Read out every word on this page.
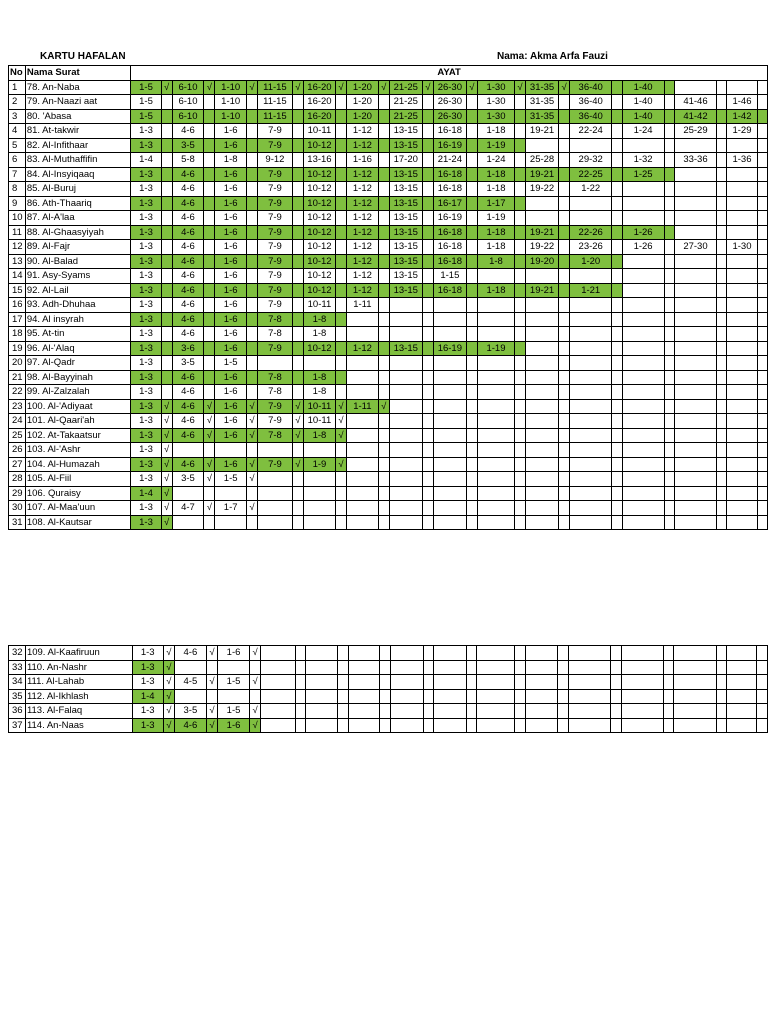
KARTU HAFALAN	Nama: Akma Arfa Fauzi
No	Nama Surat	AYAT																											
1	78. An-Naba	1-5	√	6-10	√	1-10	√	11-15	√	16-20	√	1-20	√	21-25	√	26-30	√	1-30	√	31-35	√	36-40		1-40					
2	79. An-Naazi aat	1-5		6-10		1-10		11-15		16-20		1-20		21-25		26-30		1-30		31-35		36-40		1-40		41-46		1-46	
3	80. 'Abasa	1-5		6-10		1-10		11-15		16-20		1-20		21-25		26-30		1-30		31-35		36-40		1-40		41-42		1-42	
4	81. At-takwir	1-3		4-6		1-6		7-9		10-11		1-12		13-15		16-18		1-18		19-21		22-24		1-24		25-29		1-29	
5	82. Al-Infithaar	1-3		3-5		1-6		7-9		10-12		1-12		13-15		16-19		1-19											
6	83. Al-Muthaffifin	1-4		5-8		1-8		9-12		13-16		1-16		17-20		21-24		1-24		25-28		29-32		1-32		33-36		1-36	
7	84. Al-Insyiqaaq	1-3		4-6		1-6		7-9		10-12		1-12		13-15		16-18		1-18		19-21		22-25		1-25					
8	85. Al-Buruj	1-3		4-6		1-6		7-9		10-12		1-12		13-15		16-18		1-18		19-22		1-22							
9	86. Ath-Thaariq	1-3		4-6		1-6		7-9		10-12		1-12		13-15		16-17		1-17											
10	87. Al-A'laa	1-3		4-6		1-6		7-9		10-12		1-12		13-15		16-19		1-19											
11	88. Al-Ghaasyiyah	1-3		4-6		1-6		7-9		10-12		1-12		13-15		16-18		1-18		19-21		22-26		1-26					
12	89. Al-Fajr	1-3		4-6		1-6		7-9		10-12		1-12		13-15		16-18		1-18		19-22		23-26		1-26		27-30		1-30	
13	90. Al-Balad	1-3		4-6		1-6		7-9		10-12		1-12		13-15		16-18		1-8		19-20		1-20							
14	91. Asy-Syams	1-3		4-6		1-6		7-9		10-12		1-12		13-15		1-15													
15	92. Al-Lail	1-3		4-6		1-6		7-9		10-12		1-12		13-15		16-18		1-18		19-21		1-21							
16	93. Adh-Dhuhaa	1-3		4-6		1-6		7-9		10-11		1-11																	
17	94. Al insyrah	1-3		4-6		1-6		7-8		1-8																			
18	95. At-tin	1-3		4-6		1-6		7-8		1-8																			
19	96. Al-'Alaq	1-3		3-6		1-6		7-9		10-12		1-12		13-15		16-19		1-19											
20	97. Al-Qadr	1-3		3-5		1-5																							
21	98. Al-Bayyinah	1-3		4-6		1-6		7-8		1-8																			
22	99. Al-Zalzalah	1-3		4-6		1-6		7-8		1-8																			
23	100. Al-'Adiyaat	1-3	√	4-6	√	1-6	√	7-9	√	10-11	√	1-11	√																
24	101. Al-Qaari'ah	1-3	√	4-6	√	1-6	√	7-9	√	10-11	√																		
25	102. At-Takaatsur	1-3	√	4-6	√	1-6	√	7-8	√	1-8	√																		
26	103. Al-'Ashr	1-3	√																										
27	104. Al-Humazah	1-3	√	4-6	√	1-6	√	7-9	√	1-9	√																		
28	105. Al-Fiil	1-3	√	3-5	√	1-5	√																						
29	106. Quraisy	1-4	√																										
30	107. Al-Maa'uun	1-3	√	4-7	√	1-7	√																						
31	108. Al-Kautsar	1-3	√																										
32	109. Al-Kaafiruun	1-3	√	4-6	√	1-6	√																						
33	110. An-Nashr	1-3	√																										
34	111. Al-Lahab	1-3	√	4-5	√	1-5	√																						
35	112. Al-Ikhlash	1-4	√																										
36	113. Al-Falaq	1-3	√	3-5	√	1-5	√																						
37	114. An-Naas	1-3	√	4-6	√	1-6	√																						
